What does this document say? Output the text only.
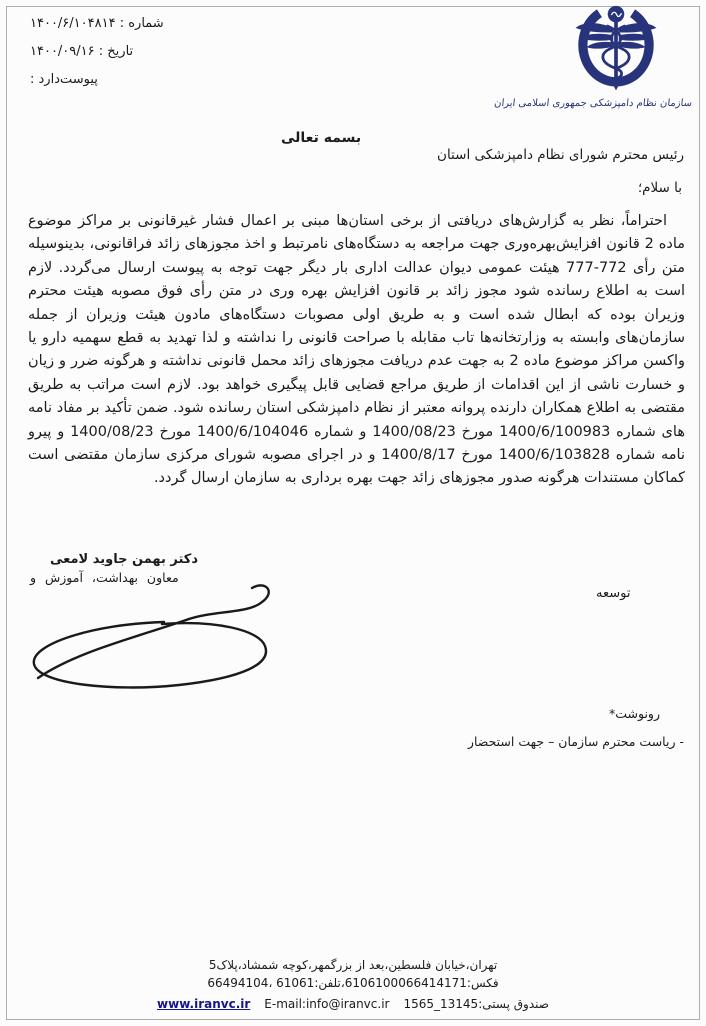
شماره : ۱۴۰۰/۶/۱۰۴۸۱۴
تاریخ : ۱۴۰۰/۰۹/۱۶
پیوست‌دارد :
سازمان نظام دامپزشکی جمهوری اسلامی ایران
بسمه تعالی
رئیس محترم شورای نظام دامپزشکی استان
با سلام؛

احتراماً، نظر به گزارش‌های دریافتی از برخی استان‌ها مبنی بر اعمال فشار غیرقانونی بر مراکز موضوع ماده 2 قانون افزایش‌بهره‌وری جهت مراجعه به دستگاه‌های نامرتبط و اخذ مجوزهای زائد فراقانونی، بدینوسیله متن رأی 772-777 هیئت عمومی دیوان عدالت اداری بار دیگر جهت توجه به پیوست ارسال می‌گردد. لازم است به اطلاع رسانده شود مجوز زائد بر قانون افزایش بهره وری در متن رأی فوق مصوبه هیئت محترم وزیران بوده که ابطال شده است و به طریق اولی مصوبات دستگاه‌های مادون هیئت وزیران از جمله سازمان‌های وابسته به وزارتخانه‌ها تاب مقابله با صراحت قانونی را نداشته و لذا تهدید به قطع سهمیه دارو یا واکسن مراکز موضوع ماده 2 به جهت عدم دریافت مجوزهای زائد محمل قانونی نداشته و هرگونه ضرر و زیان و خسارت ناشی از این اقدامات از طریق مراجع قضایی قابل پیگیری خواهد بود. لازم است مراتب به طریق مقتضی به اطلاع همکاران دارنده پروانه معتبر از نظام دامپزشکی استان رسانده شود. ضمن تأکید بر مفاد نامه های شماره 1400/6/100983 مورخ 1400/08/23 و شماره 1400/6/104046 مورخ 1400/08/23 و پیرو نامه شماره 1400/6/103828 مورخ 1400/8/17 و در اجرای مصوبه شورای مرکزی سازمان مقتضی است کماکان مستندات هرگونه صدور مجوزهای زائد جهت بهره برداری به سازمان ارسال گردد.

دکتر بهمن جاوید لامعی
معاون بهداشت، آموزش و
توسعه
*رونوشت
- ریاست محترم سازمان – جهت استحضار
تهران،خیابان فلسطین،بعد از بزرگمهر،کوچه شمشاد،پلاک5
66494104، فکس:6106100066414171،تلفن:61061
www.iranvc.ir E-mail:info@iranvc.ir صندوق پستی:13145_1565
